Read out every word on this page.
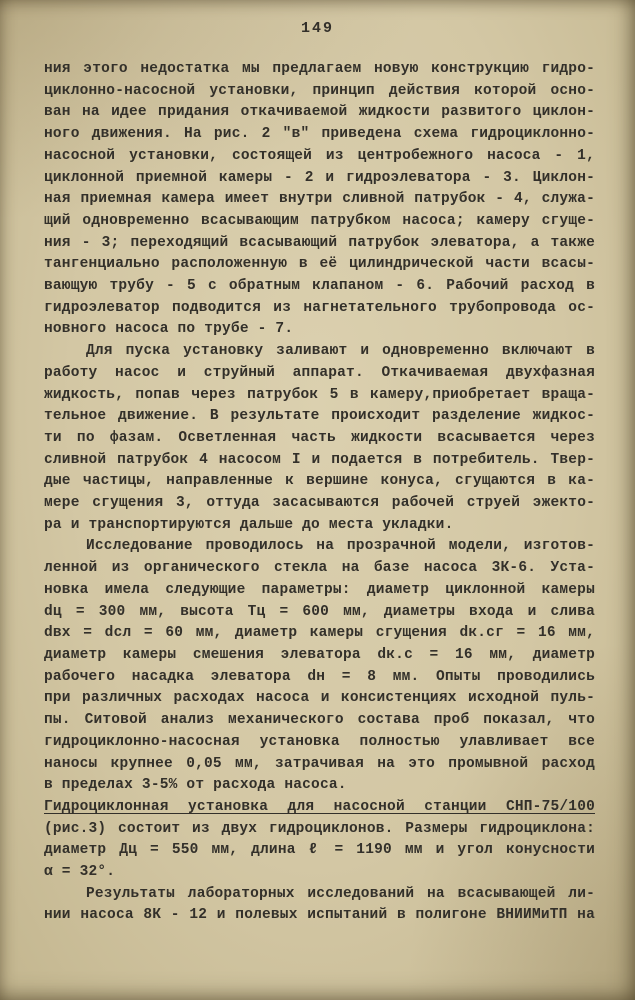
149
ния этого недостатка мы предлагаем новую конструкцию гидро-
циклонно-насосной установки, принцип действия которой осно-
ван на идее придания откачиваемой жидкости развитого циклон-
ного движения. На рис. 2 "в" приведена схема гидроциклонно-
насосной установки, состоящей из центробежного насоса - 1,
циклонной приемной камеры - 2 и гидроэлеватора - 3. Циклон-
ная приемная камера имеет внутри сливной патрубок - 4, служа-
щий одновременно всасывающим патрубком насоса; камеру сгуще-
ния - 3; переходящий всасывающий патрубок элеватора, а также
тангенциально расположенную в её цилиндрической части всасы-
вающую трубу - 5 с обратным клапаном - 6. Рабочий расход в
гидроэлеватор подводится из нагнетательного трубопровода ос-
новного насоса по трубе - 7.
Для пуска установку заливают и одновременно включают в
работу насос и струйный аппарат. Откачиваемая двухфазная
жидкость, попав через патрубок 5 в камеру,приобретает враща-
тельное движение. В результате происходит разделение жидкос-
ти по фазам. Осветленная часть жидкости всасывается через
сливной патрубок 4 насосом I и подается в потребитель. Твер-
дые частицы, направленные к вершине конуса, сгущаются в ка-
мере сгущения 3, оттуда засасываются рабочей струей эжекто-
ра и транспортируются дальше до места укладки.
Исследование проводилось на прозрачной модели, изготов-
ленной из органического стекла на базе насоса 3К-6. Уста-
новка имела следующие параметры: диаметр циклонной камеры
dц = 300 мм, высота Тц = 600 мм, диаметры входа и слива
dвх = dсл = 60 мм, диаметр камеры сгущения dк.сг = 16 мм,
диаметр камеры смешения элеватора dк.с = 16 мм, диаметр
рабочего насадка элеватора dн = 8 мм. Опыты проводились
при различных расходах насоса и консистенциях исходной пуль-
пы. Ситовой анализ механического состава проб показал, что
гидроциклонно-насосная установка полностью улавливает все
наносы крупнее 0,05 мм, затрачивая на это промывной расход
в пределах 3-5% от расхода насоса.
Гидроциклонная установка для насосной станции СНП-75/100
(рис.3) состоит из двух гидроциклонов. Размеры гидроциклона:
диаметр Дц = 550 мм, длина ℓ = 1190 мм и угол конусности
α = 32°.
Результаты лабораторных исследований на всасывающей ли-
нии насоса 8К - 12 и полевых испытаний в полигоне ВНИИМиТП на
